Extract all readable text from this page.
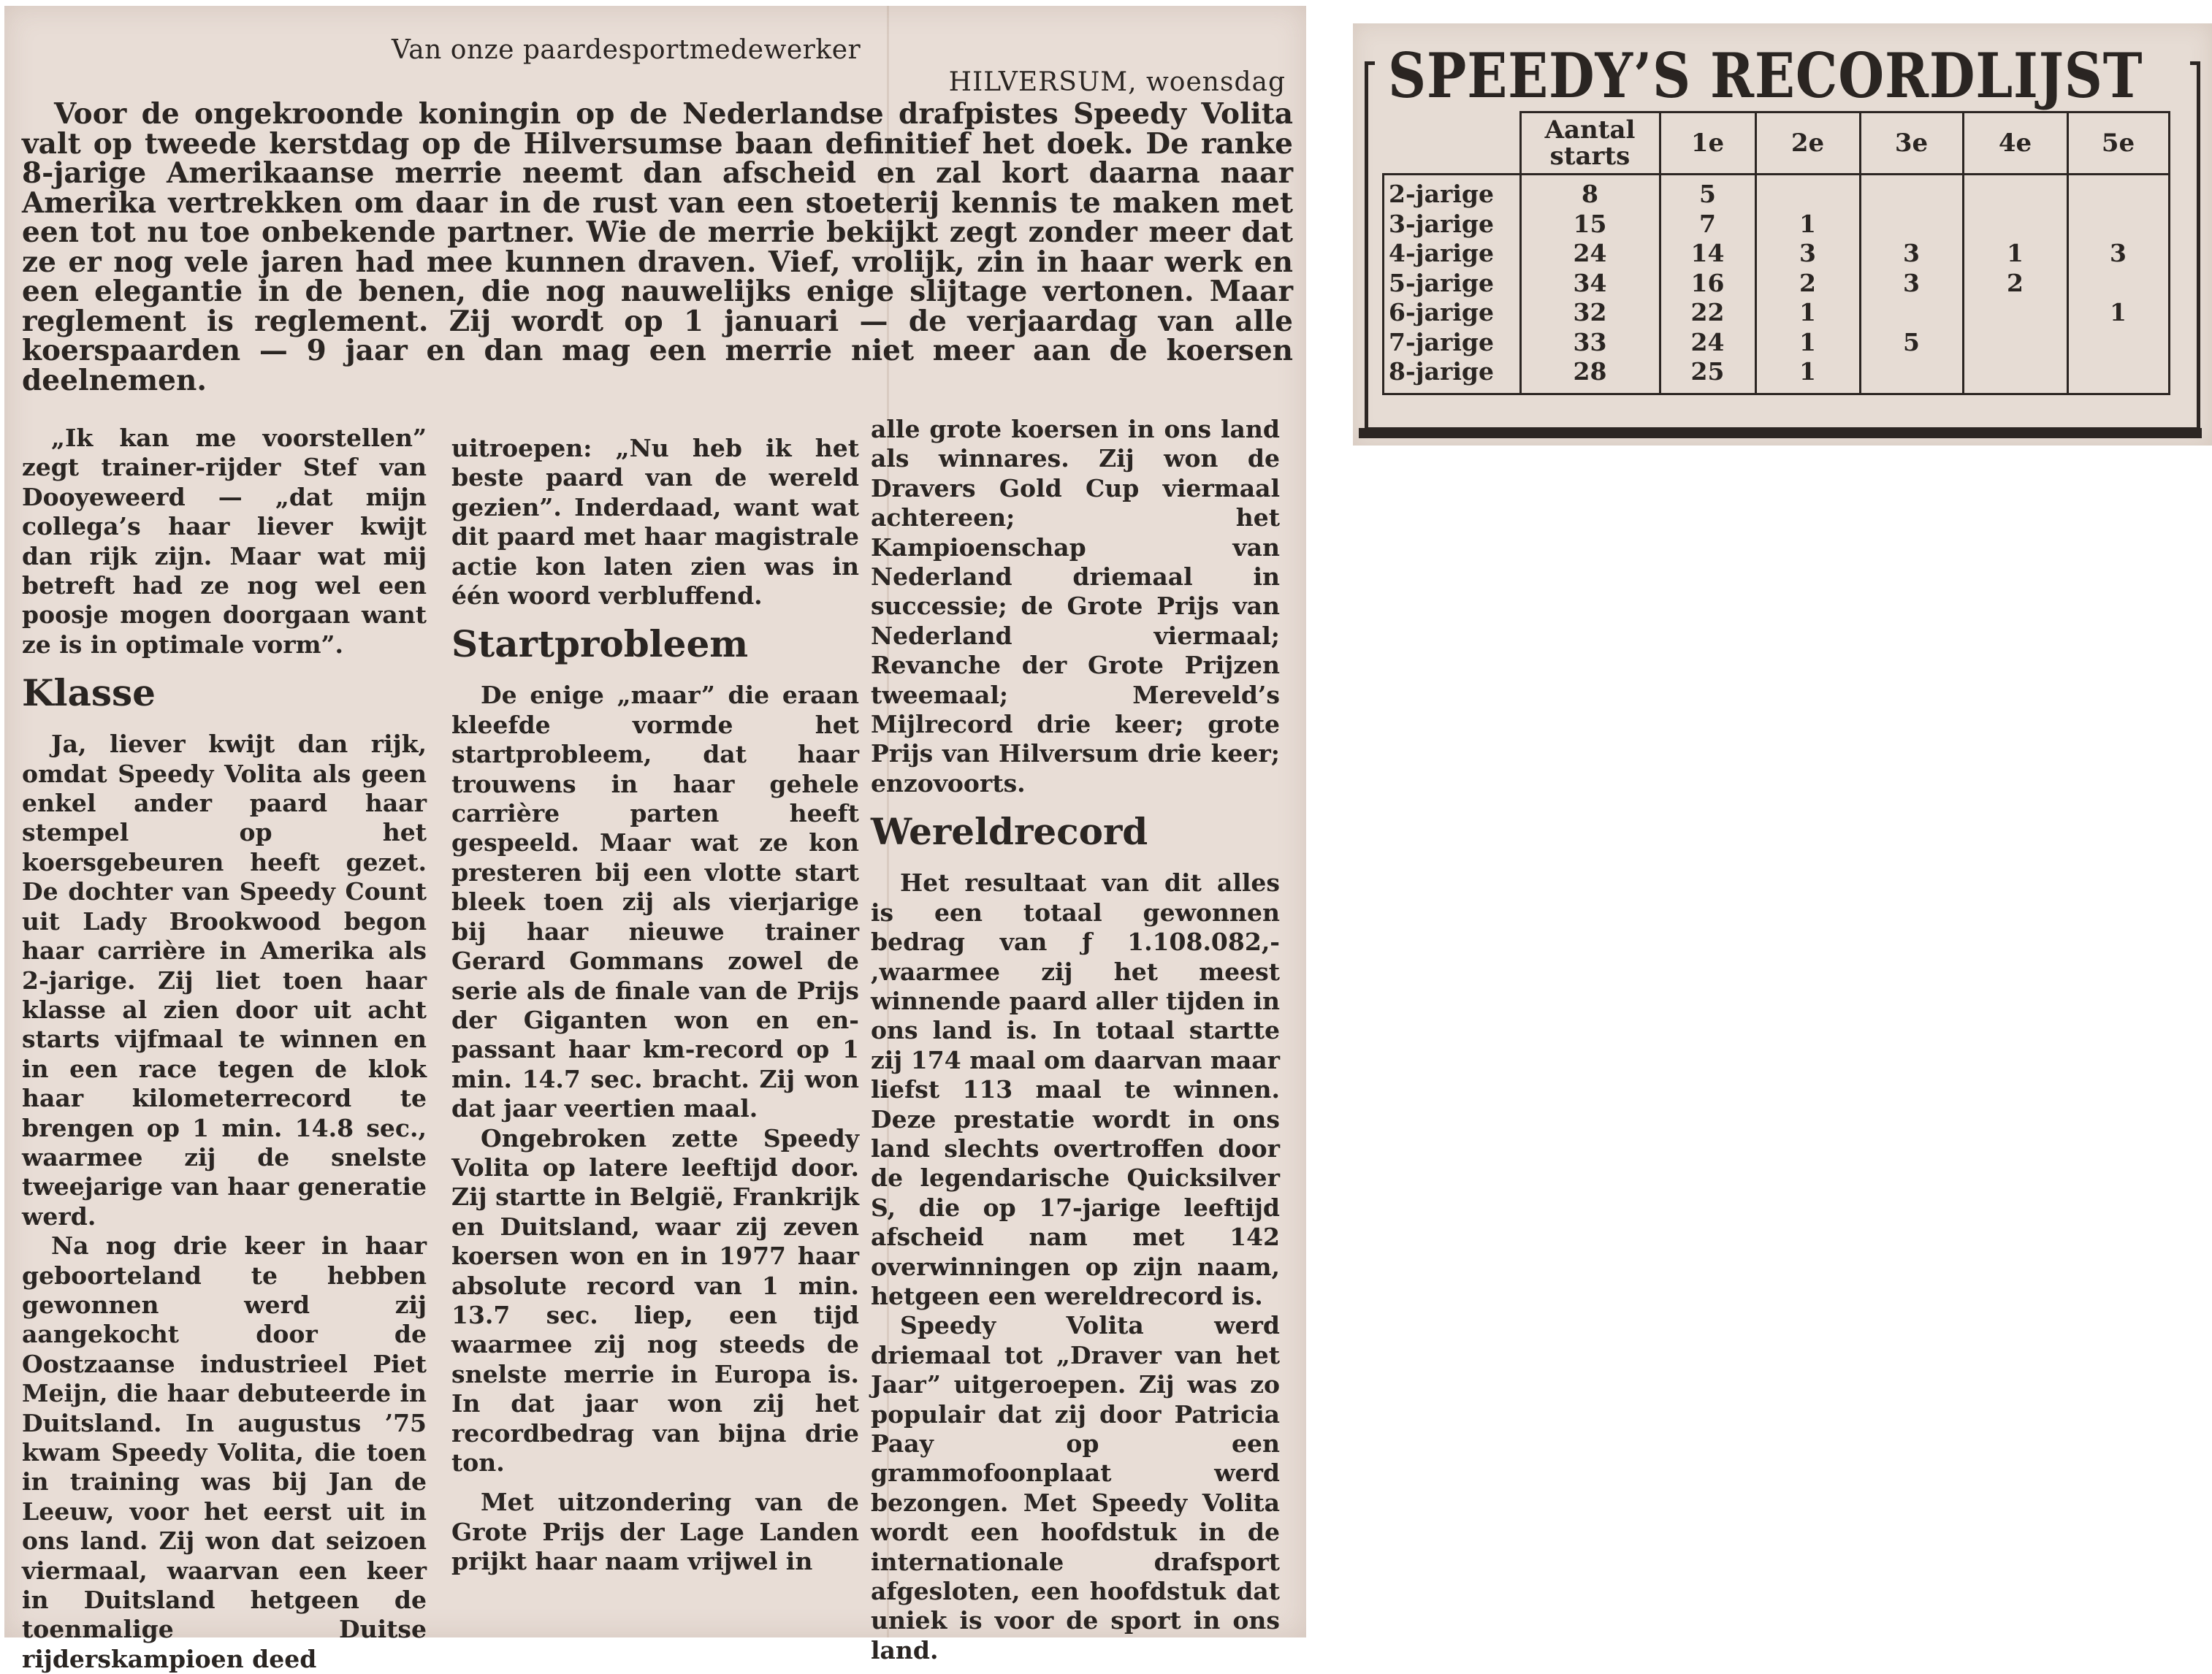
Van onze paardesportmedewerker
HILVERSUM, woensdag

Voor de ongekroonde koningin op de Nederlandse drafpistes Speedy Volita valt op tweede kerstdag op de Hilversumse baan definitief het doek. De ranke 8-jarige Amerikaanse merrie neemt dan afscheid en zal kort daarna naar Amerika vertrekken om daar in de rust van een stoeterij kennis te maken met een tot nu toe onbekende partner. Wie de merrie bekijkt zegt zonder meer dat ze er nog vele jaren had mee kunnen draven. Vief, vrolijk, zin in haar werk en een elegantie in de benen, die nog nauwelijks enige slijtage vertonen. Maar reglement is reglement. Zij wordt op 1 januari — de verjaardag van alle koerspaarden — 9 jaar en dan mag een merrie niet meer aan de koersen deelnemen.

„Ik kan me voorstellen” zegt trainer-rijder Stef van Dooyeweerd — „dat mijn collega’s haar liever kwijt dan rijk zijn. Maar wat mij betreft had ze nog wel een poosje mogen doorgaan want ze is in optimale vorm”.

Klasse

Ja, liever kwijt dan rijk, omdat Speedy Volita als geen enkel ander paard haar stempel op het koersgebeuren heeft gezet. De dochter van Speedy Count uit Lady Brookwood begon haar carrière in Amerika als 2-jarige. Zij liet toen haar klasse al zien door uit acht starts vijfmaal te winnen en in een race tegen de klok haar kilometerrecord te brengen op 1 min. 14.8 sec., waarmee zij de snelste tweejarige van haar generatie werd.

Na nog drie keer in haar geboorteland te hebben gewonnen werd zij aangekocht door de Oostzaanse industrieel Piet Meijn, die haar debuteerde in Duitsland. In augustus ’75 kwam Speedy Volita, die toen in training was bij Jan de Leeuw, voor het eerst uit in ons land. Zij won dat seizoen viermaal, waarvan een keer in Duitsland hetgeen de toenmalige Duitse rijderskampioen deed

uitroepen: „Nu heb ik het beste paard van de wereld gezien”. Inderdaad, want wat dit paard met haar magistrale actie kon laten zien was in één woord verbluffend.

Startprobleem

De enige „maar” die eraan kleefde vormde het startprobleem, dat haar trouwens in haar gehele carrière parten heeft gespeeld. Maar wat ze kon presteren bij een vlotte start bleek toen zij als vierjarige bij haar nieuwe trainer Gerard Gommans zowel de serie als de finale van de Prijs der Giganten won en en-passant haar km-record op 1 min. 14.7 sec. bracht. Zij won dat jaar veertien maal.

Ongebroken zette Speedy Volita op latere leeftijd door. Zij startte in België, Frankrijk en Duitsland, waar zij zeven koersen won en in 1977 haar absolute record van 1 min. 13.7 sec. liep, een tijd waarmee zij nog steeds de snelste merrie in Europa is. In dat jaar won zij het recordbedrag van bijna drie ton.

Met uitzondering van de Grote Prijs der Lage Landen prijkt haar naam vrijwel in

alle grote koersen in ons land als winnares. Zij won de Dravers Gold Cup viermaal achtereen; het Kampioenschap van Nederland driemaal in successie; de Grote Prijs van Nederland viermaal; Revanche der Grote Prijzen tweemaal; Mereveld’s Mijlrecord drie keer; grote Prijs van Hilversum drie keer; enzovoorts.

Wereldrecord

Het resultaat van dit alles is een totaal gewonnen bedrag van ƒ 1.108.082,- ,waarmee zij het meest winnende paard aller tijden in ons land is. In totaal startte zij 174 maal om daarvan maar liefst 113 maal te winnen. Deze prestatie wordt in ons land slechts overtroffen door de legendarische Quicksilver S, die op 17-jarige leeftijd afscheid nam met 142 overwinningen op zijn naam, hetgeen een wereldrecord is.

Speedy Volita werd driemaal tot „Draver van het Jaar” uitgeroepen. Zij was zo populair dat zij door Patricia Paay op een grammofoonplaat werd bezongen. Met Speedy Volita wordt een hoofdstuk in de internationale drafsport afgesloten, een hoofdstuk dat uniek is voor de sport in ons land.

SPEEDY’S RECORDLIJST
	Aantal starts	1e	2e	3e	4e	5e
2-jarige	8	5				
3-jarige	15	7	1			
4-jarige	24	14	3	3	1	3
5-jarige	34	16	2	3	2	
6-jarige	32	22	1			1
7-jarige	33	24	1	5		
8-jarige	28	25	1			
